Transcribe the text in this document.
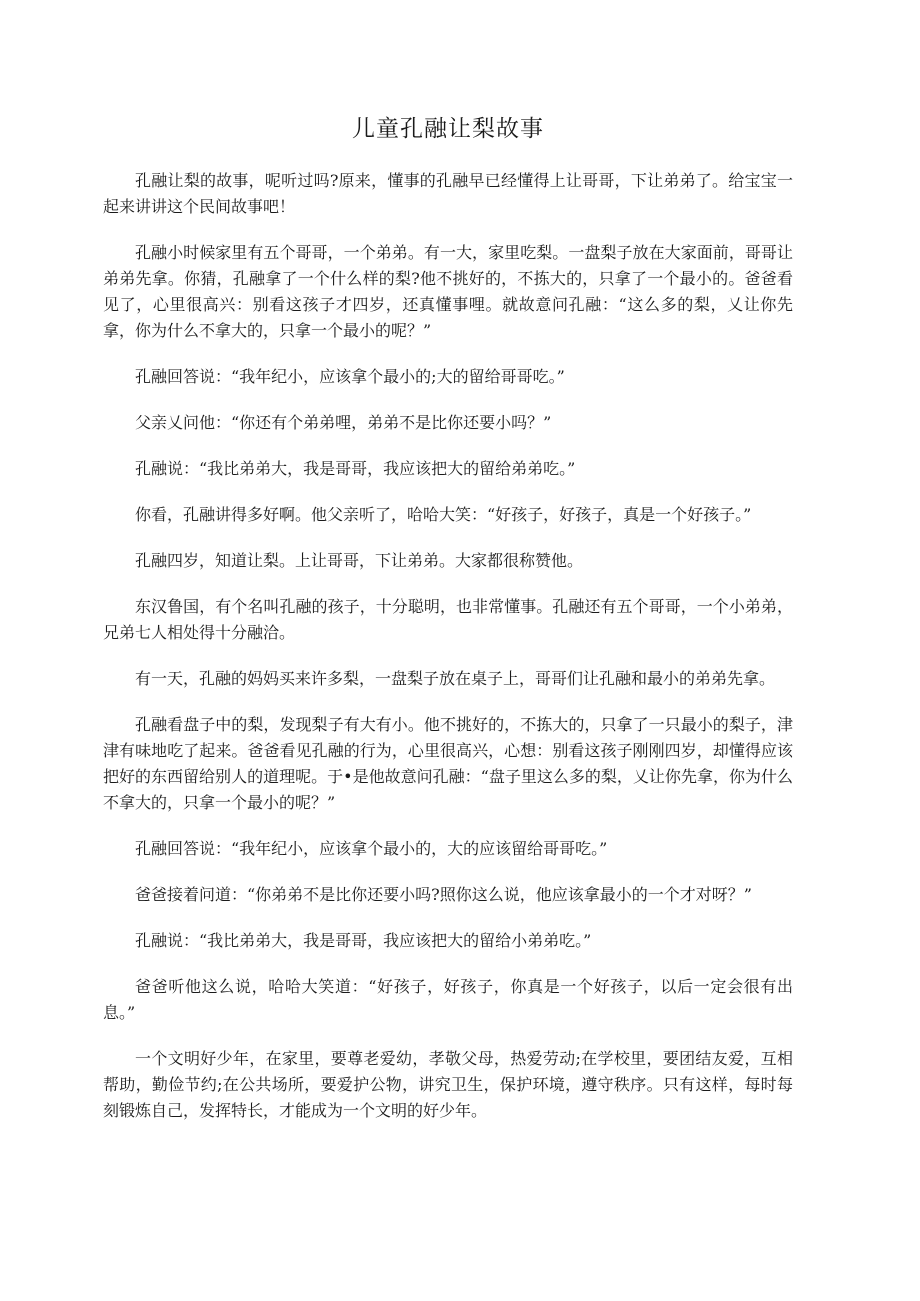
儿童孔融让梨故事

孔融让梨的故事，呢听过吗?原来，懂事的孔融早已经懂得上让哥哥，下让弟弟了。给宝宝一起来讲讲这个民间故事吧！

孔融小时候家里有五个哥哥，一个弟弟。有一大，家里吃梨。一盘梨子放在大家面前，哥哥让弟弟先拿。你猜，孔融拿了一个什么样的梨?他不挑好的，不拣大的，只拿了一个最小的。爸爸看见了，心里很高兴：别看这孩子才四岁，还真懂事哩。就故意问孔融：“这么多的梨，乂让你先拿，你为什么不拿大的，只拿一个最小的呢？”

孔融回答说：“我年纪小，应该拿个最小的;大的留给哥哥吃。”

父亲乂问他：“你还有个弟弟哩，弟弟不是比你还要小吗？”

孔融说：“我比弟弟大，我是哥哥，我应该把大的留给弟弟吃。”

你看，孔融讲得多好啊。他父亲听了，哈哈大笑：“好孩子，好孩子，真是一个好孩子。”

孔融四岁，知道让梨。上让哥哥，下让弟弟。大家都很称赞他。

东汉鲁国，有个名叫孔融的孩子，十分聪明，也非常懂事。孔融还有五个哥哥，一个小弟弟，兄弟七人相处得十分融洽。

有一天，孔融的妈妈买来许多梨，一盘梨子放在桌子上，哥哥们让孔融和最小的弟弟先拿。

孔融看盘子中的梨，发现梨子有大有小。他不挑好的，不拣大的，只拿了一只最小的梨子，津津有味地吃了起来。爸爸看见孔融的行为，心里很高兴，心想：别看这孩子刚刚四岁，却懂得应该把好的东西留给别人的道理呢。于•是他故意问孔融：“盘子里这么多的梨，乂让你先拿，你为什么不拿大的，只拿一个最小的呢？”

孔融回答说：“我年纪小，应该拿个最小的，大的应该留给哥哥吃。”

爸爸接着问道：“你弟弟不是比你还要小吗?照你这么说，他应该拿最小的一个才对呀？”

孔融说：“我比弟弟大，我是哥哥，我应该把大的留给小弟弟吃。”

爸爸听他这么说，哈哈大笑道：“好孩子，好孩子，你真是一个好孩子，以后一定会很有出息。”

一个文明好少年，在家里，要尊老爱幼，孝敬父母，热爱劳动;在学校里，要团结友爱，互相帮助，勤俭节约;在公共场所，要爱护公物，讲究卫生，保护环境，遵守秩序。只有这样，每时每刻锻炼自己，发挥特长，才能成为一个文明的好少年。
